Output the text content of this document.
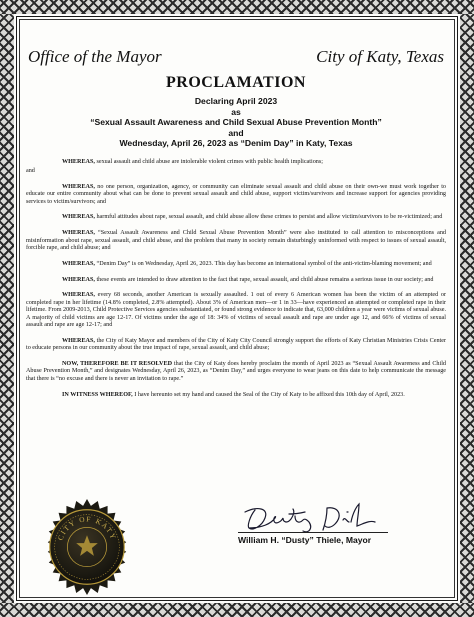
Office of the Mayor	City of Katy, Texas
PROCLAMATION
Declaring April 2023
as
“Sexual Assault Awareness and Child Sexual Abuse Prevention Month”
and
Wednesday, April 26, 2023 as “Denim Day” in Katy, Texas

WHEREAS, sexual assault and child abuse are intolerable violent crimes with public health implications;

and

WHEREAS, no one person, organization, agency, or community can eliminate sexual assault and child abuse on their own-we must work together to educate our entire community about what can be done to prevent sexual assault and child abuse, support victim/survivors and increase support for agencies providing services to victim/survivors; and

WHEREAS, harmful attitudes about rape, sexual assault, and child abuse allow these crimes to persist and allow victim/survivors to be re-victimized; and

WHEREAS, “Sexual Assault Awareness and Child Sexual Abuse Prevention Month” were also instituted to call attention to misconceptions and misinformation about rape, sexual assault, and child abuse, and the problem that many in society remain disturbingly uninformed with respect to issues of sexual assault, forcible rape, and child abuse; and

WHEREAS, “Denim Day” is on Wednesday, April 26, 2023. This day has become an international symbol of the anti-victim-blaming movement; and

WHEREAS, these events are intended to draw attention to the fact that rape, sexual assault, and child abuse remains a serious issue in our society; and

WHEREAS, every 68 seconds, another American is sexually assaulted. 1 out of every 6 American women has been the victim of an attempted or completed rape in her lifetime (14.8% completed, 2.8% attempted). About 3% of American men—or 1 in 33—have experienced an attempted or completed rape in their lifetime. From 2009-2013, Child Protective Services agencies substantiated, or found strong evidence to indicate that, 63,000 children a year were victims of sexual abuse. A majority of child victims are age 12-17. Of victims under the age of 18: 34% of victims of sexual assault and rape are under age 12, and 66% of victims of sexual assault and rape are age 12-17; and

WHEREAS, the City of Katy Mayor and members of the City of Katy City Council strongly support the efforts of Katy Christian Ministries Crisis Center to educate persons in our community about the true impact of rape, sexual assault, and child abuse;

NOW, THEREFORE BE IT RESOLVED that the City of Katy does hereby proclaim the month of April 2023 as “Sexual Assault Awareness and Child Abuse Prevention Month,” and designates Wednesday, April 26, 2023, as “Denim Day,” and urges everyone to wear jeans on this date to help communicate the message that there is “no excuse and there is never an invitation to rape.”

IN WITNESS WHEREOF, I have hereunto set my hand and caused the Seal of the City of Katy to be affixed this 10th day of April, 2023.

CITY OF KATY	William H. “Dusty” Thiele, Mayor
